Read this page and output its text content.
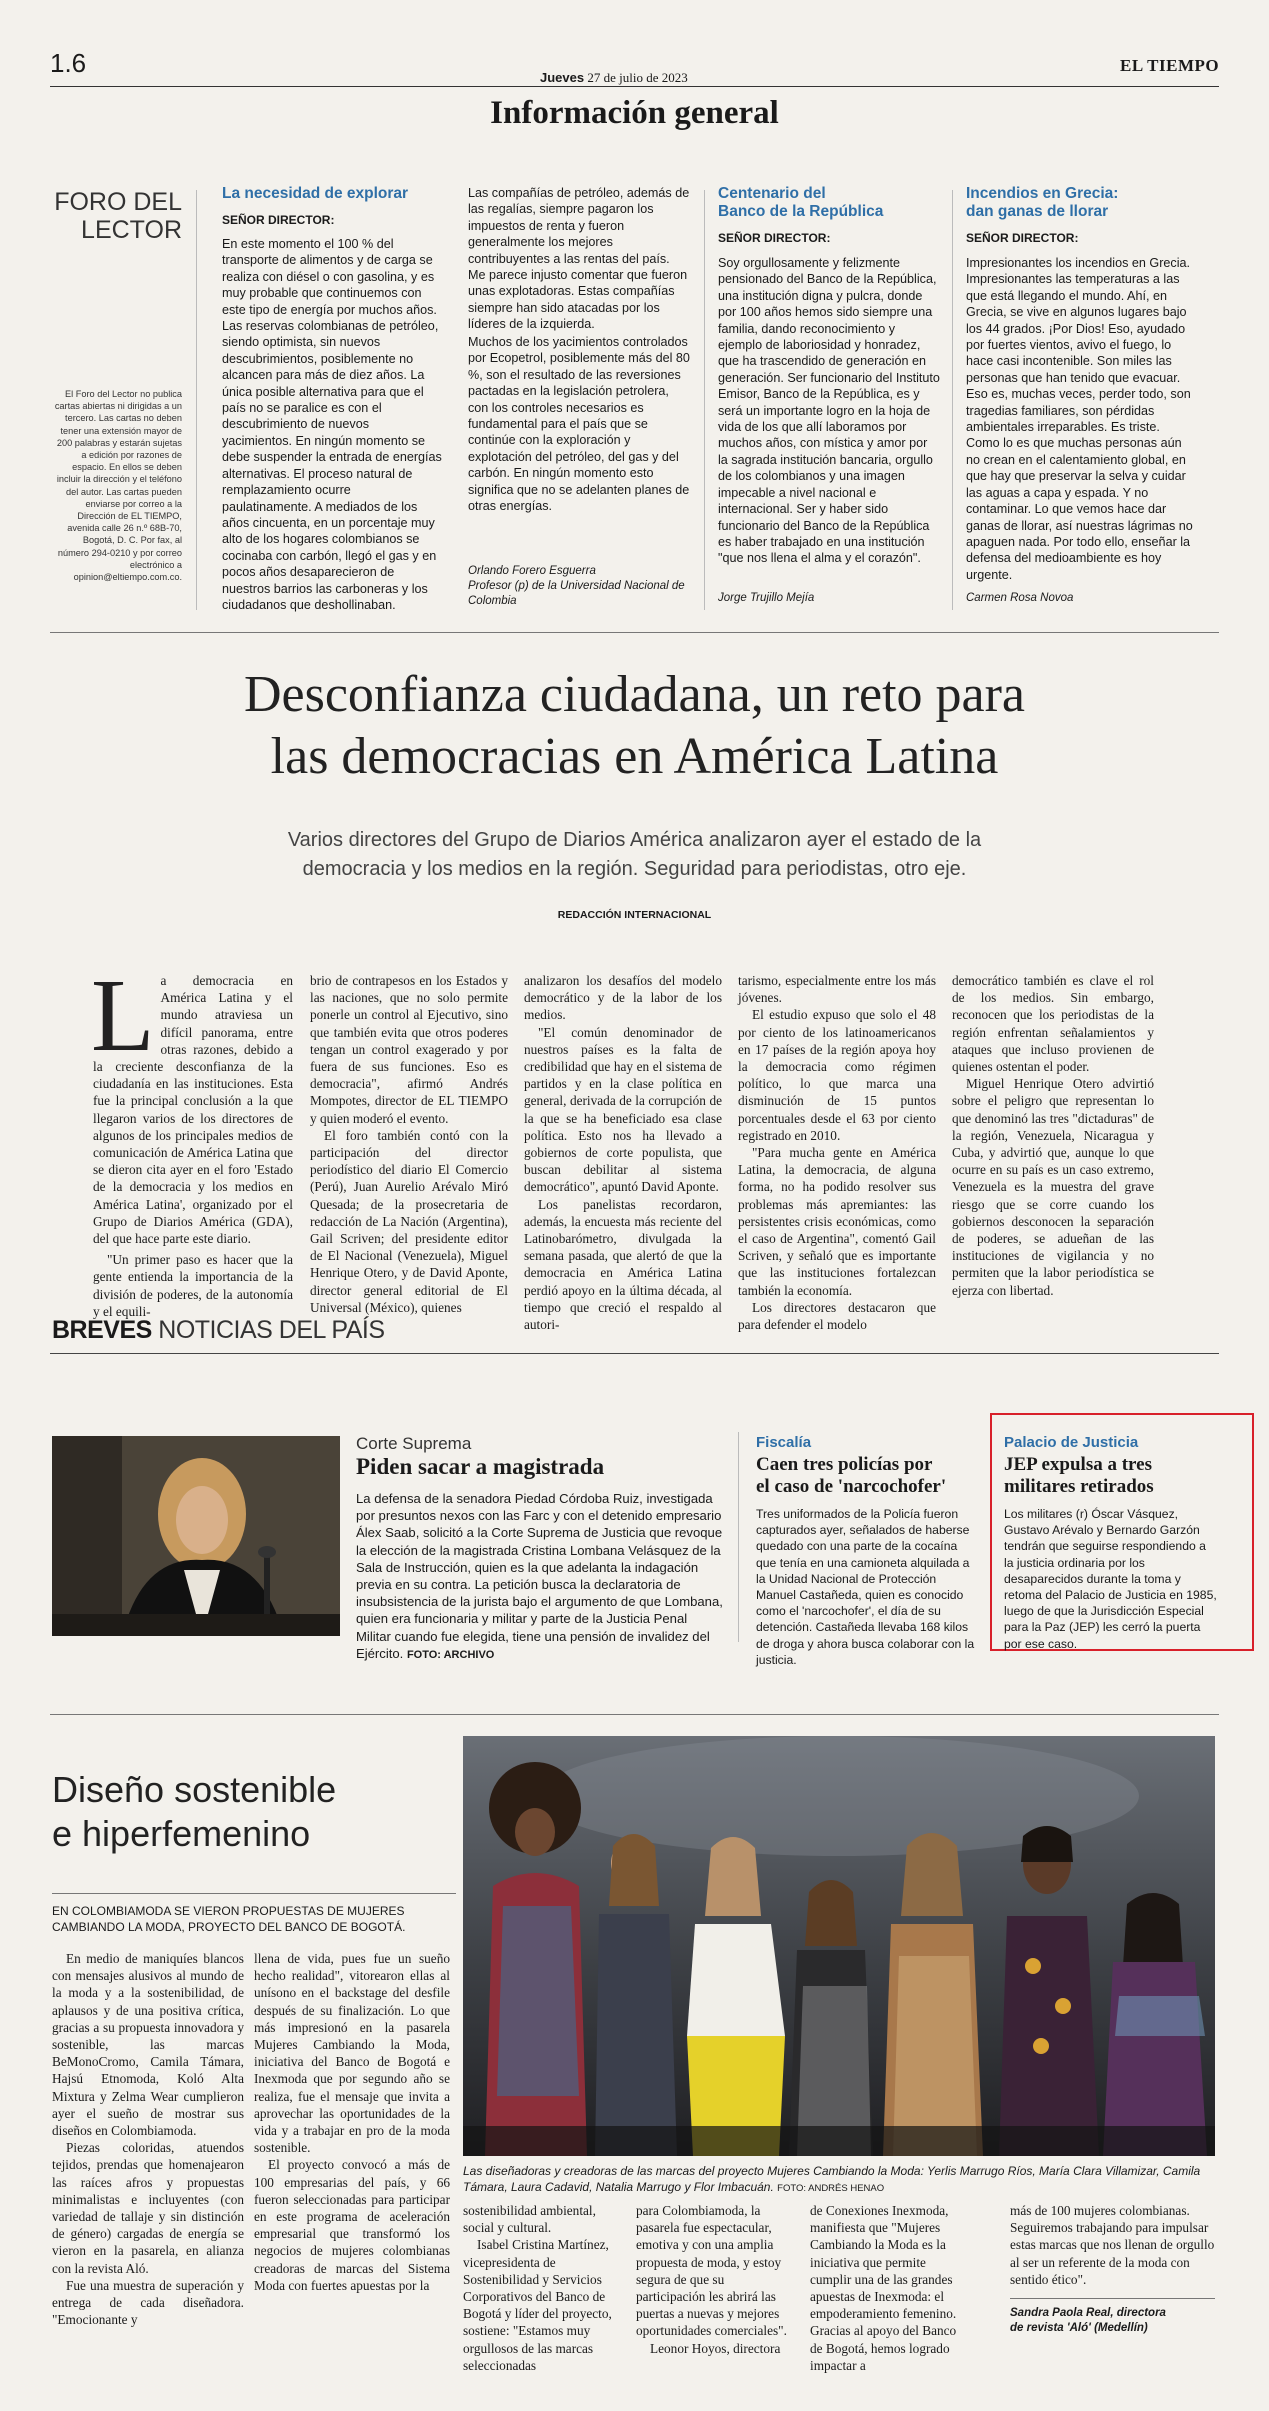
1.6	Jueves 27 de julio de 2023
EL TIEMPO
Información general
FORO DEL
LECTOR
El Foro del Lector no publica cartas abiertas ni dirigidas a un tercero. Las cartas no deben tener una extensión mayor de 200 palabras y estarán sujetas a edición por razones de espacio. En ellos se deben incluir la dirección y el teléfono del autor. Las cartas pueden enviarse por correo a la Dirección de EL TIEMPO, avenida calle 26 n.º 68B-70, Bogotá, D. C. Por fax, al número 294-0210 y por correo electrónico a opinion@eltiempo.com.co.
La necesidad de explorar
SEÑOR DIRECTOR:
En este momento el 100 % del transporte de alimentos y de carga se realiza con diésel o con gasolina, y es muy probable que continuemos con este tipo de energía por muchos años. Las reservas colombianas de petróleo, siendo optimista, sin nuevos descubrimientos, posiblemente no alcancen para más de diez años. La única posible alternativa para que el país no se paralice es con el descubrimiento de nuevos yacimientos. En ningún momento se debe suspender la entrada de energías alternativas. El proceso natural de remplazamiento ocurre paulatinamente. A mediados de los años cincuenta, en un porcentaje muy alto de los hogares colombianos se cocinaba con carbón, llegó el gas y en pocos años desaparecieron de nuestros barrios las carboneras y los ciudadanos que deshollinaban.
Las compañías de petróleo, además de las regalías, siempre pagaron los impuestos de renta y fueron generalmente los mejores contribuyentes a las rentas del país. Me parece injusto comentar que fueron unas explotadoras. Estas compañías siempre han sido atacadas por los líderes de la izquierda.
Muchos de los yacimientos controlados por Ecopetrol, posiblemente más del 80 %, son el resultado de las reversiones pactadas en la legislación petrolera, con los controles necesarios es fundamental para el país que se continúe con la exploración y explotación del petróleo, del gas y del carbón. En ningún momento esto significa que no se adelanten planes de otras energías.
Orlando Forero Esguerra
Profesor (p) de la Universidad Nacional de Colombia
Centenario del
Banco de la República
SEÑOR DIRECTOR:
Soy orgullosamente y felizmente pensionado del Banco de la República, una institución digna y pulcra, donde por 100 años hemos sido siempre una familia, dando reconocimiento y ejemplo de laboriosidad y honradez, que ha trascendido de generación en generación. Ser funcionario del Instituto Emisor, Banco de la República, es y será un importante logro en la hoja de vida de los que allí laboramos por muchos años, con mística y amor por la sagrada institución bancaria, orgullo de los colombianos y una imagen impecable a nivel nacional e internacional. Ser y haber sido funcionario del Banco de la República es haber trabajado en una institución "que nos llena el alma y el corazón".
Jorge Trujillo Mejía
Incendios en Grecia:
dan ganas de llorar
SEÑOR DIRECTOR:
Impresionantes los incendios en Grecia. Impresionantes las temperaturas a las que está llegando el mundo. Ahí, en Grecia, se vive en algunos lugares bajo los 44 grados. ¡Por Dios! Eso, ayudado por fuertes vientos, avivo el fuego, lo hace casi incontenible. Son miles las personas que han tenido que evacuar. Eso es, muchas veces, perder todo, son tragedias familiares, son pérdidas ambientales irreparables. Es triste. Como lo es que muchas personas aún no crean en el calentamiento global, en que hay que preservar la selva y cuidar las aguas a capa y espada. Y no contaminar. Lo que vemos hace dar ganas de llorar, así nuestras lágrimas no apaguen nada. Por todo ello, enseñar la defensa del medioambiente es hoy urgente.
Carmen Rosa Novoa
Desconfianza ciudadana, un reto para
las democracias en América Latina
Varios directores del Grupo de Diarios América analizaron ayer el estado de la
democracia y los medios en la región. Seguridad para periodistas, otro eje.
REDACCIÓN INTERNACIONAL
L a democracia en América Latina y el mundo atraviesa un difícil panorama, entre otras razones, debido a la creciente desconfianza de la ciudadanía en las instituciones. Esta fue la principal conclusión a la que llegaron varios de los directores de algunos de los principales medios de comunicación de América Latina que se dieron cita ayer en el foro 'Estado de la democracia y los medios en América Latina', organizado por el Grupo de Diarios América (GDA), del que hace parte este diario.

"Un primer paso es hacer que la gente entienda la importancia de la división de poderes, de la autonomía y el equili-

brio de contrapesos en los Estados y las naciones, que no solo permite ponerle un control al Ejecutivo, sino que también evita que otros poderes tengan un control exagerado y por fuera de sus funciones. Eso es democracia", afirmó Andrés Mompotes, director de EL TIEMPO y quien moderó el evento.

El foro también contó con la participación del director periodístico del diario El Comercio (Perú), Juan Aurelio Arévalo Miró Quesada; de la prosecretaria de redacción de La Nación (Argentina), Gail Scriven; del presidente editor de El Nacional (Venezuela), Miguel Henrique Otero, y de David Aponte, director general editorial de El Universal (México), quienes

analizaron los desafíos del modelo democrático y de la labor de los medios.

"El común denominador de nuestros países es la falta de credibilidad que hay en el sistema de partidos y en la clase política en general, derivada de la corrupción de la que se ha beneficiado esa clase política. Esto nos ha llevado a gobiernos de corte populista, que buscan debilitar al sistema democrático", apuntó David Aponte.

Los panelistas recordaron, además, la encuesta más reciente del Latinobarómetro, divulgada la semana pasada, que alertó de que la democracia en América Latina perdió apoyo en la última década, al tiempo que creció el respaldo al autori-

tarismo, especialmente entre los más jóvenes.

El estudio expuso que solo el 48 por ciento de los latinoamericanos en 17 países de la región apoya hoy la democracia como régimen político, lo que marca una disminución de 15 puntos porcentuales desde el 63 por ciento registrado en 2010.

"Para mucha gente en América Latina, la democracia, de alguna forma, no ha podido resolver sus problemas más apremiantes: las persistentes crisis económicas, como el caso de Argentina", comentó Gail Scriven, y señaló que es importante que las instituciones fortalezcan también la economía.

Los directores destacaron que para defender el modelo

democrático también es clave el rol de los medios. Sin embargo, reconocen que los periodistas de la región enfrentan señalamientos y ataques que incluso provienen de quienes ostentan el poder.

Miguel Henrique Otero advirtió sobre el peligro que representan lo que denominó las tres "dictaduras" de la región, Venezuela, Nicaragua y Cuba, y advirtió que, aunque lo que ocurre en su país es un caso extremo, Venezuela es la muestra del grave riesgo que se corre cuando los gobiernos desconocen la separación de poderes, se adueñan de las instituciones de vigilancia y no permiten que la labor periodística se ejerza con libertad.

BREVES NOTICIAS DEL PAÍS
Corte Suprema
Piden sacar a magistrada
La defensa de la senadora Piedad Córdoba Ruiz, investigada por presuntos nexos con las Farc y con el detenido empresario Álex Saab, solicitó a la Corte Suprema de Justicia que revoque la elección de la magistrada Cristina Lombana Velásquez de la Sala de Instrucción, quien es la que adelanta la indagación previa en su contra. La petición busca la declaratoria de insubsistencia de la jurista bajo el argumento de que Lombana, quien era funcionaria y militar y parte de la Justicia Penal Militar cuando fue elegida, tiene una pensión de invalidez del Ejército. FOTO: ARCHIVO
Fiscalía
Caen tres policías por
el caso de 'narcochofer'
Tres uniformados de la Policía fueron capturados ayer, señalados de haberse quedado con una parte de la cocaína que tenía en una camioneta alquilada a la Unidad Nacional de Protección Manuel Castañeda, quien es conocido como el 'narcochofer', el día de su detención. Castañeda llevaba 168 kilos de droga y ahora busca colaborar con la justicia.
Palacio de Justicia
JEP expulsa a tres
militares retirados
Los militares (r) Óscar Vásquez, Gustavo Arévalo y Bernardo Garzón tendrán que seguirse respondiendo a la justicia ordinaria por los desaparecidos durante la toma y retoma del Palacio de Justicia en 1985, luego de que la Jurisdicción Especial para la Paz (JEP) les cerró la puerta por ese caso.
Diseño sostenible
e hiperfemenino
EN COLOMBIAMODA SE VIERON PROPUESTAS DE MUJERES CAMBIANDO LA MODA, PROYECTO DEL BANCO DE BOGOTÁ.
Las diseñadoras y creadoras de las marcas del proyecto Mujeres Cambiando la Moda: Yerlis Marrugo Ríos, María Clara Villamizar, Camila Támara, Laura Cadavid, Natalia Marrugo y Flor Imbacuán. FOTO: ANDRÉS HENAO

En medio de maniquíes blancos con mensajes alusivos al mundo de la moda y a la sostenibilidad, de aplausos y de una positiva crítica, gracias a su propuesta innovadora y sostenible, las marcas BeMonoCromo, Camila Támara, Hajsú Etnomoda, Koló Alta Mixtura y Zelma Wear cumplieron ayer el sueño de mostrar sus diseños en Colombiamoda.

Piezas coloridas, atuendos tejidos, prendas que homenajearon las raíces afros y propuestas minimalistas e incluyentes (con variedad de tallaje y sin distinción de género) cargadas de energía se vieron en la pasarela, en alianza con la revista Aló.

Fue una muestra de superación y entrega de cada diseñadora. "Emocionante y

llena de vida, pues fue un sueño hecho realidad", vitorearon ellas al unísono en el backstage del desfile después de su finalización. Lo que más impresionó en la pasarela Mujeres Cambiando la Moda, iniciativa del Banco de Bogotá e Inexmoda que por segundo año se realiza, fue el mensaje que invita a aprovechar las oportunidades de la vida y a trabajar en pro de la moda sostenible.

El proyecto convocó a más de 100 empresarias del país, y 66 fueron seleccionadas para participar en este programa de aceleración empresarial que transformó los negocios de mujeres colombianas creadoras de marcas del Sistema Moda con fuertes apuestas por la

sostenibilidad ambiental, social y cultural.

Isabel Cristina Martínez, vicepresidenta de Sostenibilidad y Servicios Corporativos del Banco de Bogotá y líder del proyecto, sostiene: "Estamos muy orgullosos de las marcas seleccionadas

para Colombiamoda, la pasarela fue espectacular, emotiva y con una amplia propuesta de moda, y estoy segura de que su participación les abrirá las puertas a nuevas y mejores oportunidades comerciales".

Leonor Hoyos, directora

de Conexiones Inexmoda, manifiesta que "Mujeres Cambiando la Moda es la iniciativa que permite cumplir una de las grandes apuestas de Inexmoda: el empoderamiento femenino. Gracias al apoyo del Banco de Bogotá, hemos logrado impactar a

más de 100 mujeres colombianas. Seguiremos trabajando para impulsar estas marcas que nos llenan de orgullo al ser un referente de la moda con sentido ético".

Sandra Paola Real, directora
de revista 'Aló' (Medellín)
